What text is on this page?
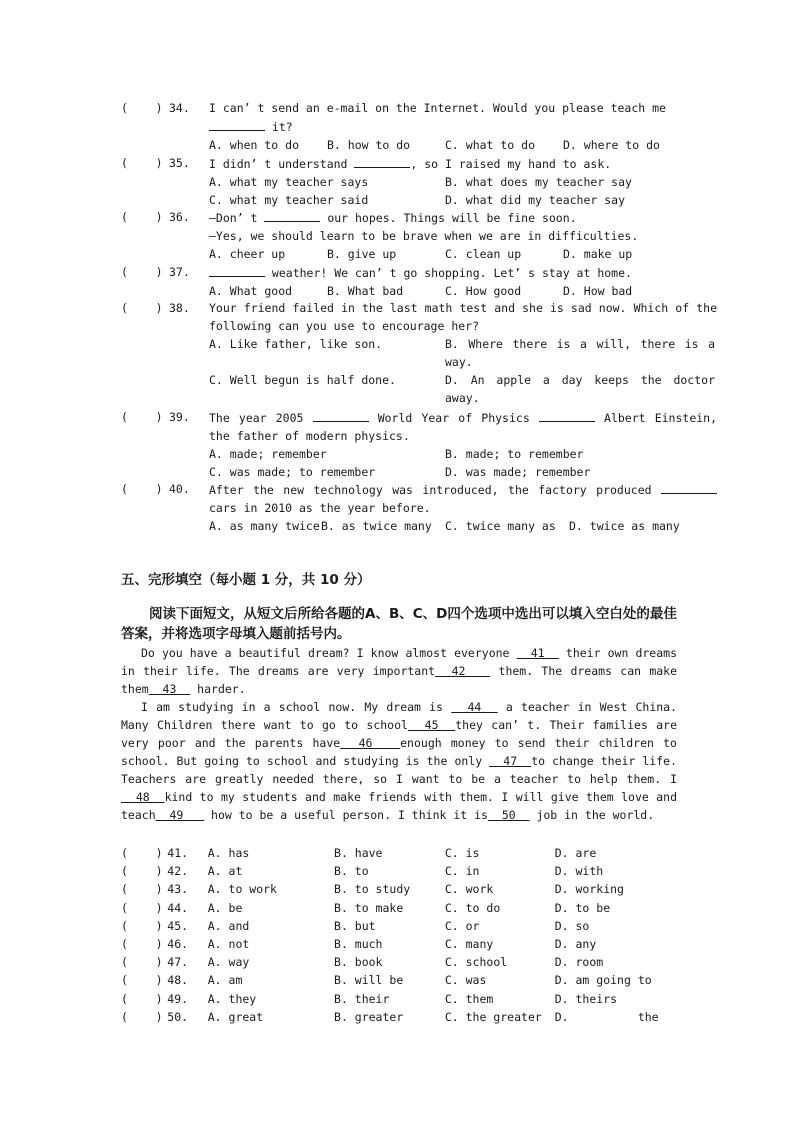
(    ) 34.	I can’ t send an e-mail on the Internet. Would you please teach me
it?
A. when to do	B. how to do	C. what to do	D. where to do
(    ) 35.	I didn’ t understand	, so I raised my hand to ask.
A. what my teacher says	B. what does my teacher say
C. what my teacher said	D. what did my teacher say
(    ) 36.	—Don’ t	our hopes. Things will be fine soon.
—Yes, we should learn to be brave when we are in difficulties.
A. cheer up	B. give up	C. clean up	D. make up
(    ) 37.	weather! We can’ t go shopping. Let’ s stay at home.
A. What good	B. What bad	C. How good	D. How bad
(    ) 38.	Your friend failed in the last math test and she is sad now. Which of the following can you use to encourage her?
A. Like father, like son.	B. Where there is a will, there is a way.
C. Well begun is half done.	D. An apple a day keeps the doctor away.
(    ) 39.	The year 2005	World Year of Physics	Albert Einstein, the father of modern physics.
A. made; remember	B. made; to remember
C. was made; to remember	D. was made; remember
(    ) 40.	After the new technology was introduced, the factory produced  cars in 2010 as the year before.
A. as many twice B. as twice many	C. twice many as	D. twice as many
五、完形填空（每小题 1 分，共 10 分）
阅读下面短文，从短文后所给各题的A、B、C、D四个选项中选出可以填入空白处的最佳答案，并将选项字母填入题前括号内。

Do you have a beautiful dream? I know almost everyone   41   their own dreams in their life. The dreams are very important  42    them. The dreams can make them  43   harder.

I am studying in a school now. My dream is   44   a teacher in West China. Many Children there want to go to school  45  they can’ t. Their families are very poor and the parents have  46   enough money to send their children to school. But going to school and studying is the only   47  to change their life. Teachers are greatly needed there, so I want to be a teacher to help them. I  48  kind to my students and make friends with them. I will give them love and teach  49    how to be a useful person. I think it is  50   job in the world.

(    ) 41.	A. has	B. have	C. is	D. are
(    ) 42.	A. at	B. to	C. in	D. with
(    ) 43.	A. to work	B. to study	C. work	D. working
(    ) 44.	A. be	B. to make	C. to do	D. to be
(    ) 45.	A. and	B. but	C. or	D. so
(    ) 46.	A. not	B. much	C. many	D. any
(    ) 47.	A. way	B. book	C. school	D. room
(    ) 48.	A. am	B. will be	C. was	D. am going to
(    ) 49.	A. they	B. their	C. them	D. theirs
(    ) 50.	A. great	B. greater	C. the greater	D.          the
